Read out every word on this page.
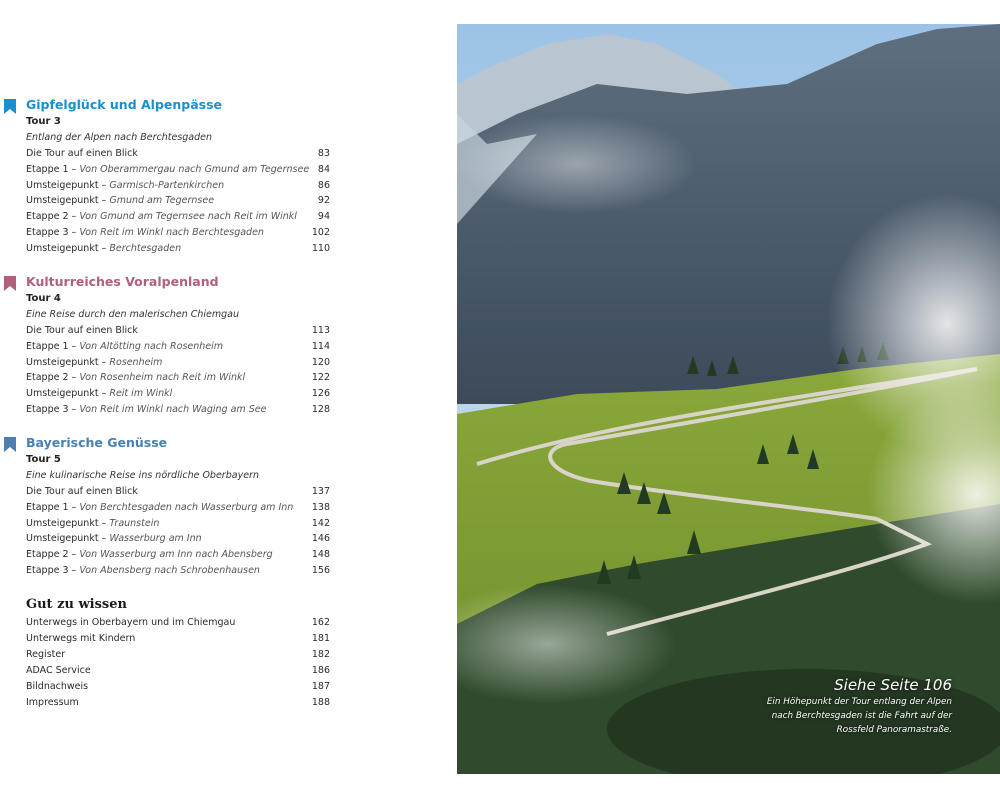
Gipfelglück und Alpenpässe
Tour 3
Entlang der Alpen nach Berchtesgaden
Die Tour auf einen Blick	83
Etappe 1 – Von Oberammergau nach Gmund am Tegernsee 84
Umsteigepunkt – Garmisch-Partenkirchen	86
Umsteigepunkt – Gmund am Tegernsee	92
Etappe 2 – Von Gmund am Tegernsee nach Reit im Winkl 94
Etappe 3 – Von Reit im Winkl nach Berchtesgaden	102
Umsteigepunkt – Berchtesgaden	110
Kulturreiches Voralpenland
Tour 4
Eine Reise durch den malerischen Chiemgau
Die Tour auf einen Blick	113
Etappe 1 – Von Altötting nach Rosenheim	114
Umsteigepunkt – Rosenheim	120
Etappe 2 – Von Rosenheim nach Reit im Winkl	122
Umsteigepunkt – Reit im Winkl	126
Etappe 3 – Von Reit im Winkl nach Waging am See	128
Bayerische Genüsse
Tour 5
Eine kulinarische Reise ins nördliche Oberbayern
Die Tour auf einen Blick	137
Etappe 1 – Von Berchtesgaden nach Wasserburg am Inn 138
Umsteigepunkt – Traunstein	142
Umsteigepunkt – Wasserburg am Inn	146
Etappe 2 – Von Wasserburg am Inn nach Abensberg	148
Etappe 3 – Von Abensberg nach Schrobenhausen	156
Gut zu wissen
Unterwegs in Oberbayern und im Chiemgau	162
Unterwegs mit Kindern	181
Register	182
ADAC Service	186
Bildnachweis	187
Impressum	188
Siehe Seite 106
Ein Höhepunkt der Tour entlang der Alpen nach Berchtesgaden ist die Fahrt auf der Rossfeld Panoramastraße.
